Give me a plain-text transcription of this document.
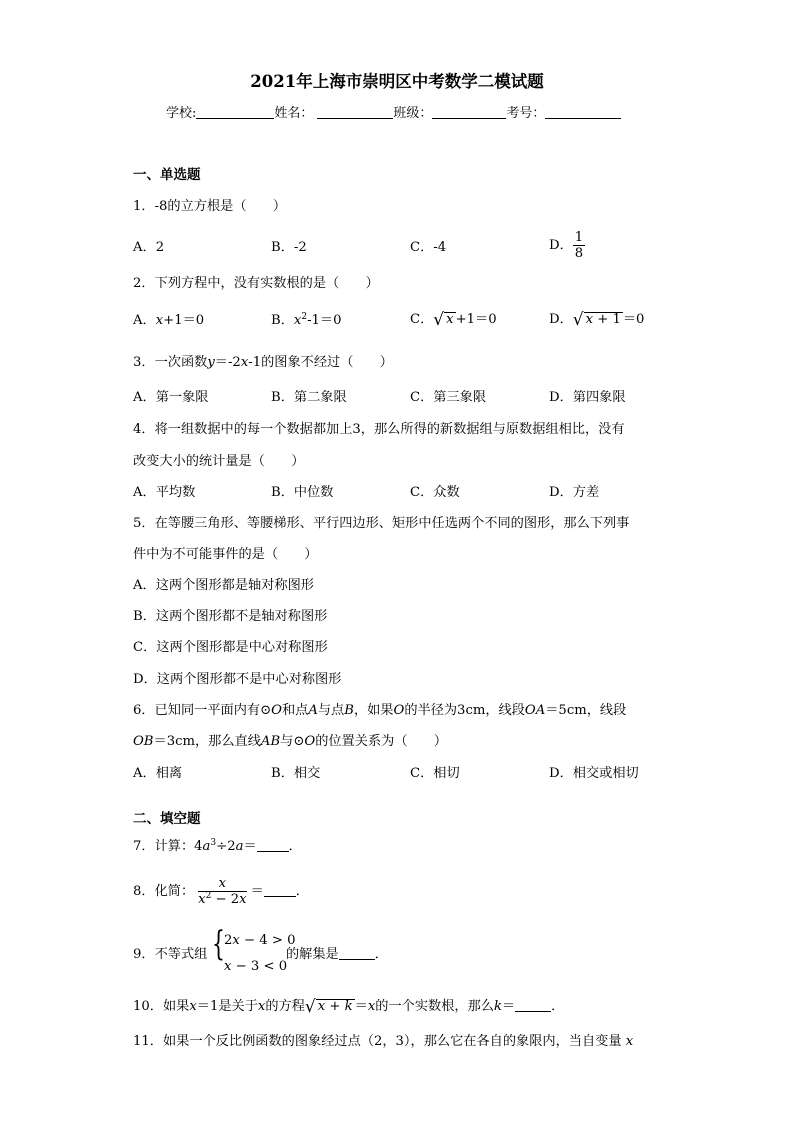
2021年上海市崇明区中考数学二模试题
学校:	姓名：	班级：	考号：
一、单选题
1．-8的立方根是（　　）
A．2	B．-2	C．-4	D． $\frac{1}{8}$
2．下列方程中，没有实数根的是（　　）
A．x+1＝0	B．$x^2-1=0$	C．√ x +1＝0	D．√ x + 1 ＝0
3．一次函数y＝-2x-1的图象不经过（　　）
A．第一象限	B．第二象限	C．第三象限	D．第四象限
4．将一组数据中的每一个数据都加上3，那么所得的新数据组与原数据组相比，没有
改变大小的统计量是（　　）
A．平均数	B．中位数	C．众数	D．方差
5．在等腰三角形、等腰梯形、平行四边形、矩形中任选两个不同的图形，那么下列事
件中为不可能事件的是（　　）
A．这两个图形都是轴对称图形
B．这两个图形都不是轴对称图形
C．这两个图形都是中心对称图形
D．这两个图形都不是中心对称图形
6．已知同一平面内有⊙O和点A与点B，如果O的半径为3cm，线段OA＝5cm，线段
OB＝3cm，那么直线AB与⊙O的位置关系为（　　）
A．相离	B．相交	C．相切	D．相交或相切
二、填空题
7．计算：$4a^3\div 2a=$ ．
8．化简： $\frac{x}{x^2 - 2x}$ ＝ ．
9．不等式组 { 2x − 4 > 0
x − 3 < 0
的解集是	．
10．如果x＝1是关于x的方程√ x + k ＝x的一个实数根，那么k＝	．
11．如果一个反比例函数的图象经过点（2，3），那么它在各自的象限内，当自变量 x
